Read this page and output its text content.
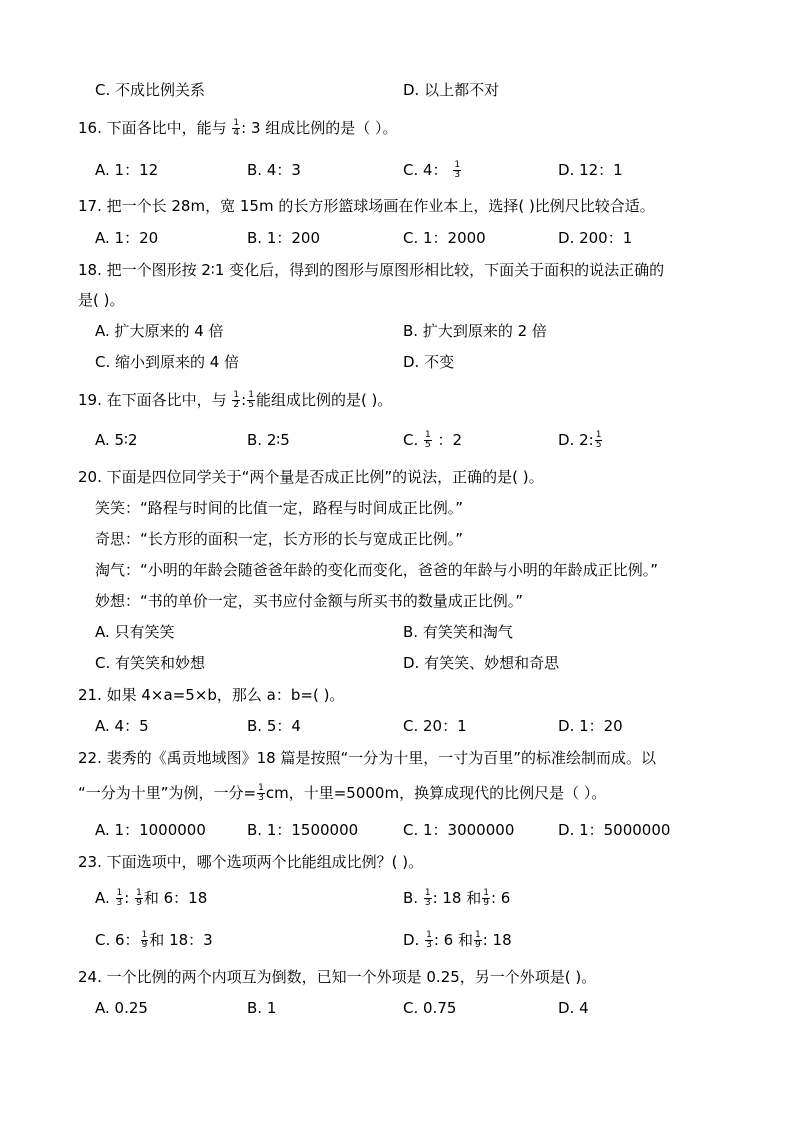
C. 不成比例关系	D. 以上都不对
16. 下面各比中，能与
1
4
: 3 组成比例的是（ ）。
A. 1：12	B. 4：3	C. 4： 1 3	D. 12：1
17. 把一个长 28m，宽 15m 的长方形篮球场画在作业本上，选择( )比例尺比较合适。
A. 1：20	B. 1：200	C. 1：2000	D. 200：1
18. 把一个图形按 2∶1 变化后，得到的图形与原图形相比较，下面关于面积的说法正确的
是( )。
A. 扩大原来的 4 倍	B. 扩大到原来的 2 倍
C. 缩小到原来的 4 倍	D. 不变
19. 在下面各比中，与
1
2
: 1 5 能组成比例的是( )。
A. 5∶2	B. 2∶5	C.
1
5
：2	D. 2:
1
5
20. 下面是四位同学关于“两个量是否成正比例”的说法，正确的是( )。
笑笑：“路程与时间的比值一定，路程与时间成正比例。”
奇思：“长方形的面积一定，长方形的长与宽成正比例。”
淘气：“小明的年龄会随爸爸年龄的变化而变化，爸爸的年龄与小明的年龄成正比例。”
妙想：“书的单价一定，买书应付金额与所买书的数量成正比例。”
A. 只有笑笑	B. 有笑笑和淘气
C. 有笑笑和妙想	D. 有笑笑、妙想和奇思
21. 如果 4×a=5×b，那么 a：b=( )。
A. 4：5	B. 5：4	C. 20：1	D. 1：20
22. 裴秀的《禹贡地域图》18 篇是按照“一分为十里，一寸为百里”的标准绘制而成。以
“一分为十里”为例，一分= 1 3 cm，十里=5000m，换算成现代的比例尺是（ ）。
A. 1：1000000	B. 1：1500000	C. 1：3000000	D. 1：5000000
23. 下面选项中，哪个选项两个比能组成比例？( )。
A.
1
3
:
1
9
和 6：18	B.
1
3
: 18 和 1 9 : 6
C. 6： 1 9 和 18：3	D.
1
3
: 6 和 1 9 : 18
24. 一个比例的两个内项互为倒数，已知一个外项是 0.25，另一个外项是( )。
A. 0.25	B. 1	C. 0.75	D. 4
